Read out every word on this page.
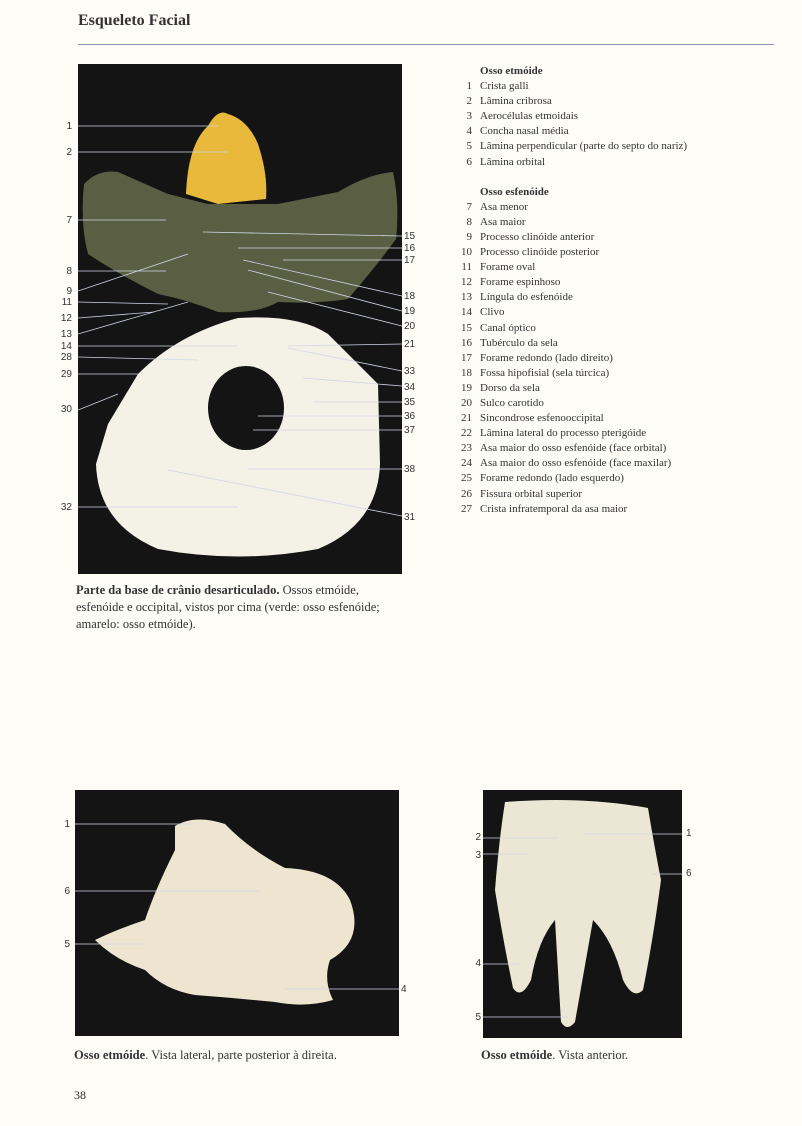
Esqueleto Facial
1
2
7
8
9
11
12
13
14
28
29
30
32
15
16
17
18
19
20
21
33
34
35
36
37
38
31
Parte da base de crânio desarticulado. Ossos etmóide, esfenóide e occipital, vistos por cima (verde: osso esfenóide; amarelo: osso etmóide).
Osso etmóide
1 Crista galli
2 Lâmina cribrosa
3 Aerocélulas etmoidais
4 Concha nasal média
5 Lâmina perpendicular (parte do septo do nariz)
6 Lâmina orbital
Osso esfenóide
7 Asa menor
8 Asa maior
9 Processo clinóide anterior
10 Processo clinóide posterior
11 Forame oval
12 Forame espinhoso
13 Língula do esfenóide
14 Clivo
15 Canal óptico
16 Tubérculo da sela
17 Forame redondo (lado direito)
18 Fossa hipofisial (sela túrcica)
19 Dorso da sela
20 Sulco carotido
21 Sincondrose esfenooccipital
22 Lâmina lateral do processo pterigóide
23 Asa maior do osso esfenóide (face orbital)
24 Asa maior do osso esfenóide (face maxilar)
25 Forame redondo (lado esquerdo)
26 Fissura orbital superior
27 Crista infratemporal da asa maior
1
6
5
4
Osso etmóide. Vista lateral, parte posterior à direita.
2
3
1
6
4
5
Osso etmóide. Vista anterior.
38
